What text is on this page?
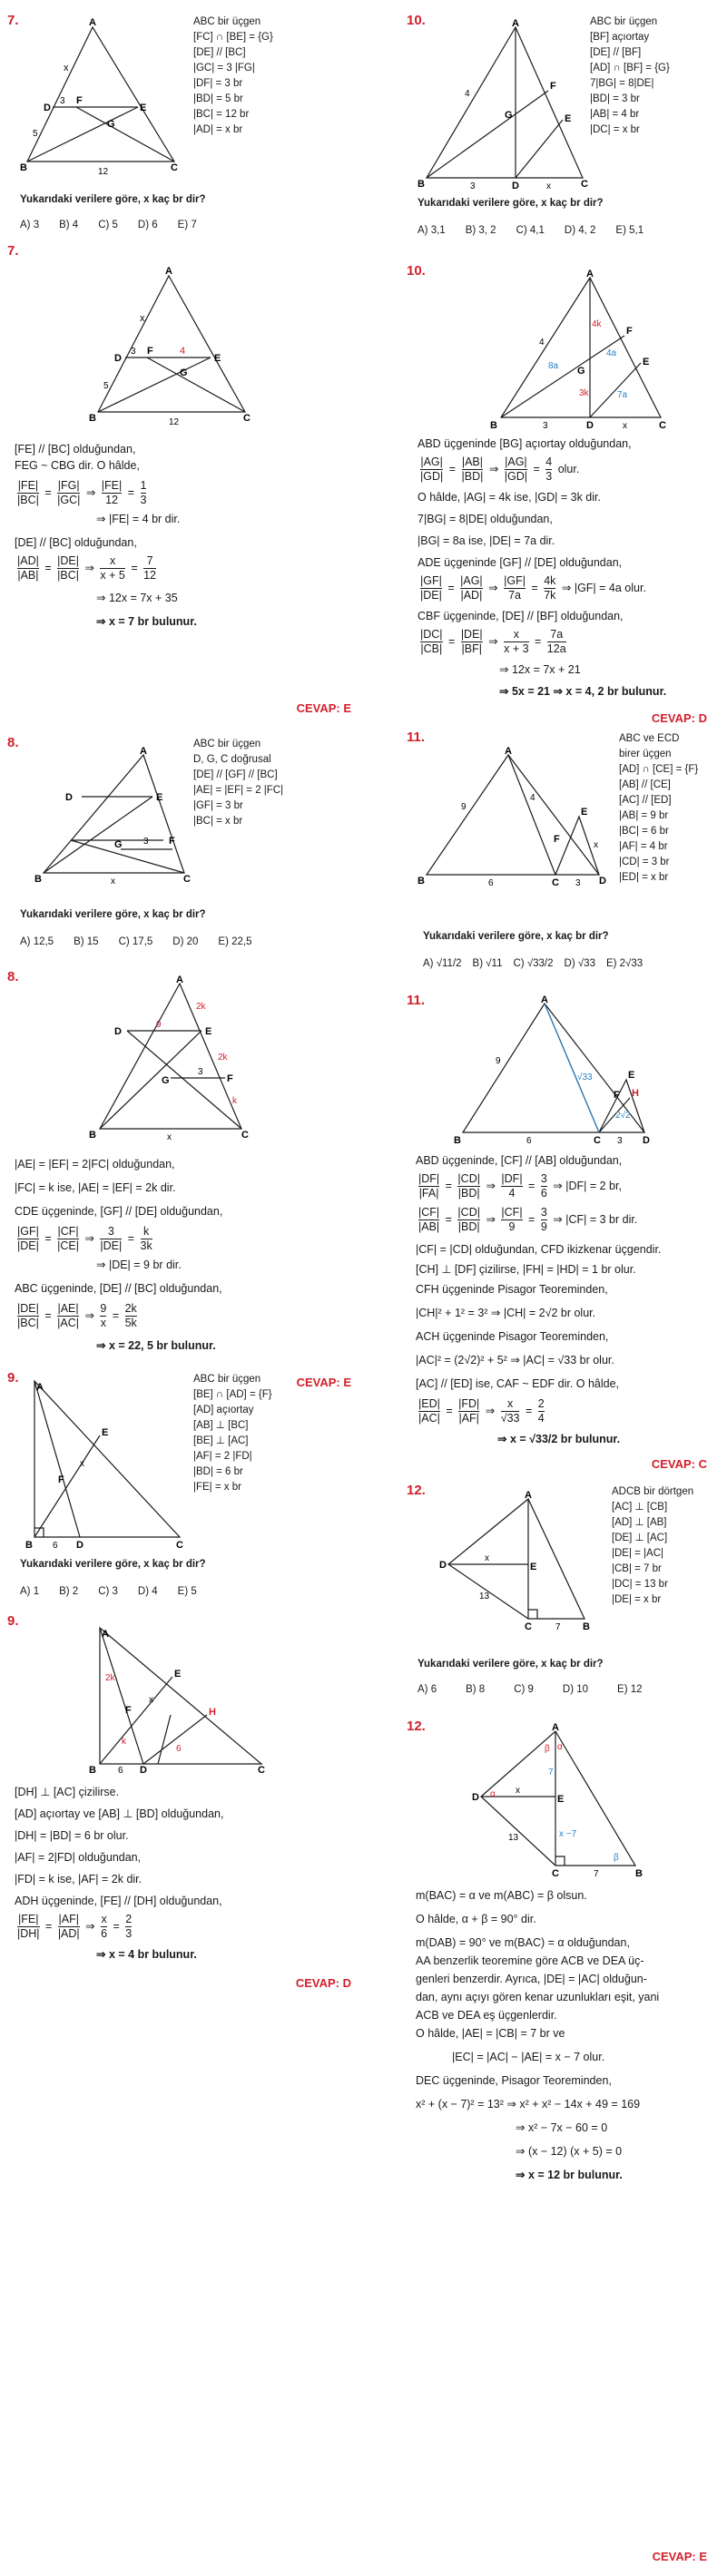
7.	A
B	C
D	E
F
G
x
3
5
12
ABC bir üçgen
[FC] ∩ [BE] = {G}
[DE] // [BC]
|GC| = 3 |FG|
|DF| = 3 br
|BD| = 5 br
|BC| = 12 br
|AD| = x br
Yukarıdaki verilere göre, x kaç br dir?
A) 3 B) 4 C) 5 D) 6 E) 7
7.
A
B	C
D	E
F
G
x
3	4
5
12
[FE] // [BC] olduğundan,
FEG ~ CBG dir. O hâlde,
$\frac{|FE|}{|BC|} = \frac{|FG|}{|GC|}$ ⇒ $\frac{|FE|}{12} = \frac{1}{3}$
⇒ |FE| = 4 br dir.
[DE] // [BC] olduğundan,
$\frac{|AD|}{|AB|} = \frac{|DE|}{|BC|}$ ⇒ $\frac{x}{x + 5} = \frac{7}{12}$
⇒ 12x = 7x + 35
⇒ x = 7 br bulunur.
CEVAP: E
8.
A
B	C
D	E
F
G 3
x
ABC bir üçgen
D, G, C doğrusal
[DE] // [GF] // [BC]
|AE| = |EF| = 2 |FC|
|GF| = 3 br
|BC| = x br
Yukarıdaki verilere göre, x kaç br dir?
A) 12,5 B) 15 C) 17,5 D) 20 E) 22,5
8.	A
B	C
D	E
F
G
2k
2k
k
9
3
x
|AE| = |EF| = 2|FC| olduğundan,
|FC| = k ise, |AE| = |EF| = 2k dir.
CDE üçgeninde, [GF] // [DE] olduğundan,
$\frac{|GF|}{|DE|} = \frac{|CF|}{|CE|}$ ⇒ $\frac{3}{|DE|} = \frac{k}{3k}$
⇒ |DE| = 9 br dir.
ABC üçgeninde, [DE] // [BC] olduğundan,
$\frac{|DE|}{|BC|} = \frac{|AE|}{|AC|}$ ⇒ $\frac{9}{x} = \frac{2k}{5k}$
⇒ x = 22, 5 br bulunur.
CEVAP: E
9.
A
B	C
D
E
F
x
6
ABC bir üçgen
[BE] ∩ [AD] = {F}
[AD] açıortay
[AB] ⊥ [BC]
[BE] ⊥ [AC]
|AF| = 2 |FD|
|BD| = 6 br
|FE| = x br
Yukarıdaki verilere göre, x kaç br dir?
A) 1 B) 2 C) 3 D) 4 E) 5
9.
A
B	C
D
E
F	H
2k
k
x
6
6
[DH] ⊥ [AC] çizilirse.
[AD] açıortay ve [AB] ⊥ [BD] olduğundan,
|DH| = |BD| = 6 br olur.
|AF| = 2|FD| olduğundan,
|FD| = k ise, |AF| = 2k dir.
ADH üçgeninde, [FE] // [DH] olduğundan,
$\frac{|FE|}{|DH|} = \frac{|AF|}{|AD|}$ ⇒ $\frac{x}{6} = \frac{2}{3}$
⇒ x = 4 br bulunur.
CEVAP: D
10.	A
B	C
D
F
E
G
4
3	x
ABC bir üçgen
[BF] açıortay
[DE] // [BF]
[AD] ∩ [BF] = {G}
7|BG| = 8|DE|
|BD| = 3 br
|AB| = 4 br
|DC| = x br
Yukarıdaki verilere göre, x kaç br dir?
A) 3,1 B) 3, 2 C) 4,1 D) 4, 2 E) 5,1
10.	A
B	C
D
F
E
G
4k
3k
8a
4a
7a
4
3	x
ABD üçgeninde [BG] açıortay olduğundan,
$\frac{|AG|}{|GD|} = \frac{|AB|}{|BD|}$ ⇒ $\frac{|AG|}{|GD|} = \frac{4}{3}$ olur.
O hâlde, |AG| = 4k ise, |GD| = 3k dir.
7|BG| = 8|DE| olduğundan,
|BG| = 8a ise, |DE| = 7a dir.
ADE üçgeninde [GF] // [DE] olduğundan,
$\frac{|GF|}{|DE|} = \frac{|AG|}{|AD|}$ ⇒ $\frac{|GF|}{7a} = \frac{4k}{7k}$ ⇒ |GF| = 4a olur.
CBF üçgeninde, [DE] // [BF] olduğundan,
$\frac{|DC|}{|CB|} = \frac{|DE|}{|BF|}$ ⇒ $\frac{x}{x + 3} = \frac{7a}{12a}$
⇒ 12x = 7x + 21
⇒ 5x = 21 ⇒ x = 4, 2 br bulunur.
CEVAP: D
11.
A
B	C	D
E
F
9
4
6	3
x
ABC ve ECD
birer üçgen
[AD] ∩ [CE] = {F}
[AB] // [CE]
[AC] // [ED]
|AB| = 9 br
|BC| = 6 br
|AF| = 4 br
|CD| = 3 br
|ED| = x br
Yukarıdaki verilere göre, x kaç br dir?
A) √11/2 B) √11 C) √33/2 D) √33 E) 2√33
11.	A
B	C	D
E
F H
9
√33
2√2
6	3
ABD üçgeninde, [CF] // [AB] olduğundan,
$\frac{|DF|}{|FA|} = \frac{|CD|}{|BD|}$ ⇒ $\frac{|DF|}{4} = \frac{3}{6}$ ⇒ |DF| = 2 br,
$\frac{|CF|}{|AB|} = \frac{|CD|}{|BD|}$ ⇒ $\frac{|CF|}{9} = \frac{3}{9}$ ⇒ |CF| = 3 br dir.
|CF| = |CD| olduğundan, CFD ikizkenar üçgendir.
[CH] ⊥ [DF] çizilirse, |FH| = |HD| = 1 br olur.
CFH üçgeninde Pisagor Teoreminden,
|CH|² + 1² = 3² ⇒ |CH| = 2√2 br olur.
ACH üçgeninde Pisagor Teoreminden,
|AC|² = (2√2)² + 5² ⇒ |AC| = √33 br olur.
[AC] // [ED] ise, CAF ~ EDF dir. O hâlde,
$\frac{|ED|}{|AC|} = \frac{|FD|}{|AF|}$ ⇒ $\frac{x}{√33} = \frac{2}{4}$
⇒ x = √33/2 br bulunur.
CEVAP: C
12.	A
D	E
C	B
x
13
7
ADCB bir dörtgen
[AC] ⊥ [CB]
[AD] ⊥ [AB]
[DE] ⊥ [AC]
|DE| = |AC|
|CB| = 7 br
|DC| = 13 br
|DE| = x br
Yukarıdaki verilere göre, x kaç br dir?
A) 6	B) 8	C) 9	D) 10	E) 12
12.	A
D	E
C	B
α
β α
β
7
x
x −7
13
7
m(BAC) = α ve m(ABC) = β olsun.
O hâlde, α + β = 90° dir.
m(DAB) = 90° ve m(BAC) = α olduğundan,
AA benzerlik teoremine göre ACB ve DEA üç-
genleri benzerdir. Ayrıca, |DE| = |AC| olduğun-
dan, aynı açıyı gören kenar uzunlukları eşit, yani
ACB ve DEA eş üçgenlerdir.
O hâlde, |AE| = |CB| = 7 br ve
|EC| = |AC| − |AE| = x − 7 olur.
DEC üçgeninde, Pisagor Teoreminden,
x² + (x − 7)² = 13² ⇒ x² + x² − 14x + 49 = 169
⇒ x² − 7x − 60 = 0
⇒ (x − 12) (x + 5) = 0
⇒ x = 12 br bulunur.
CEVAP: E
